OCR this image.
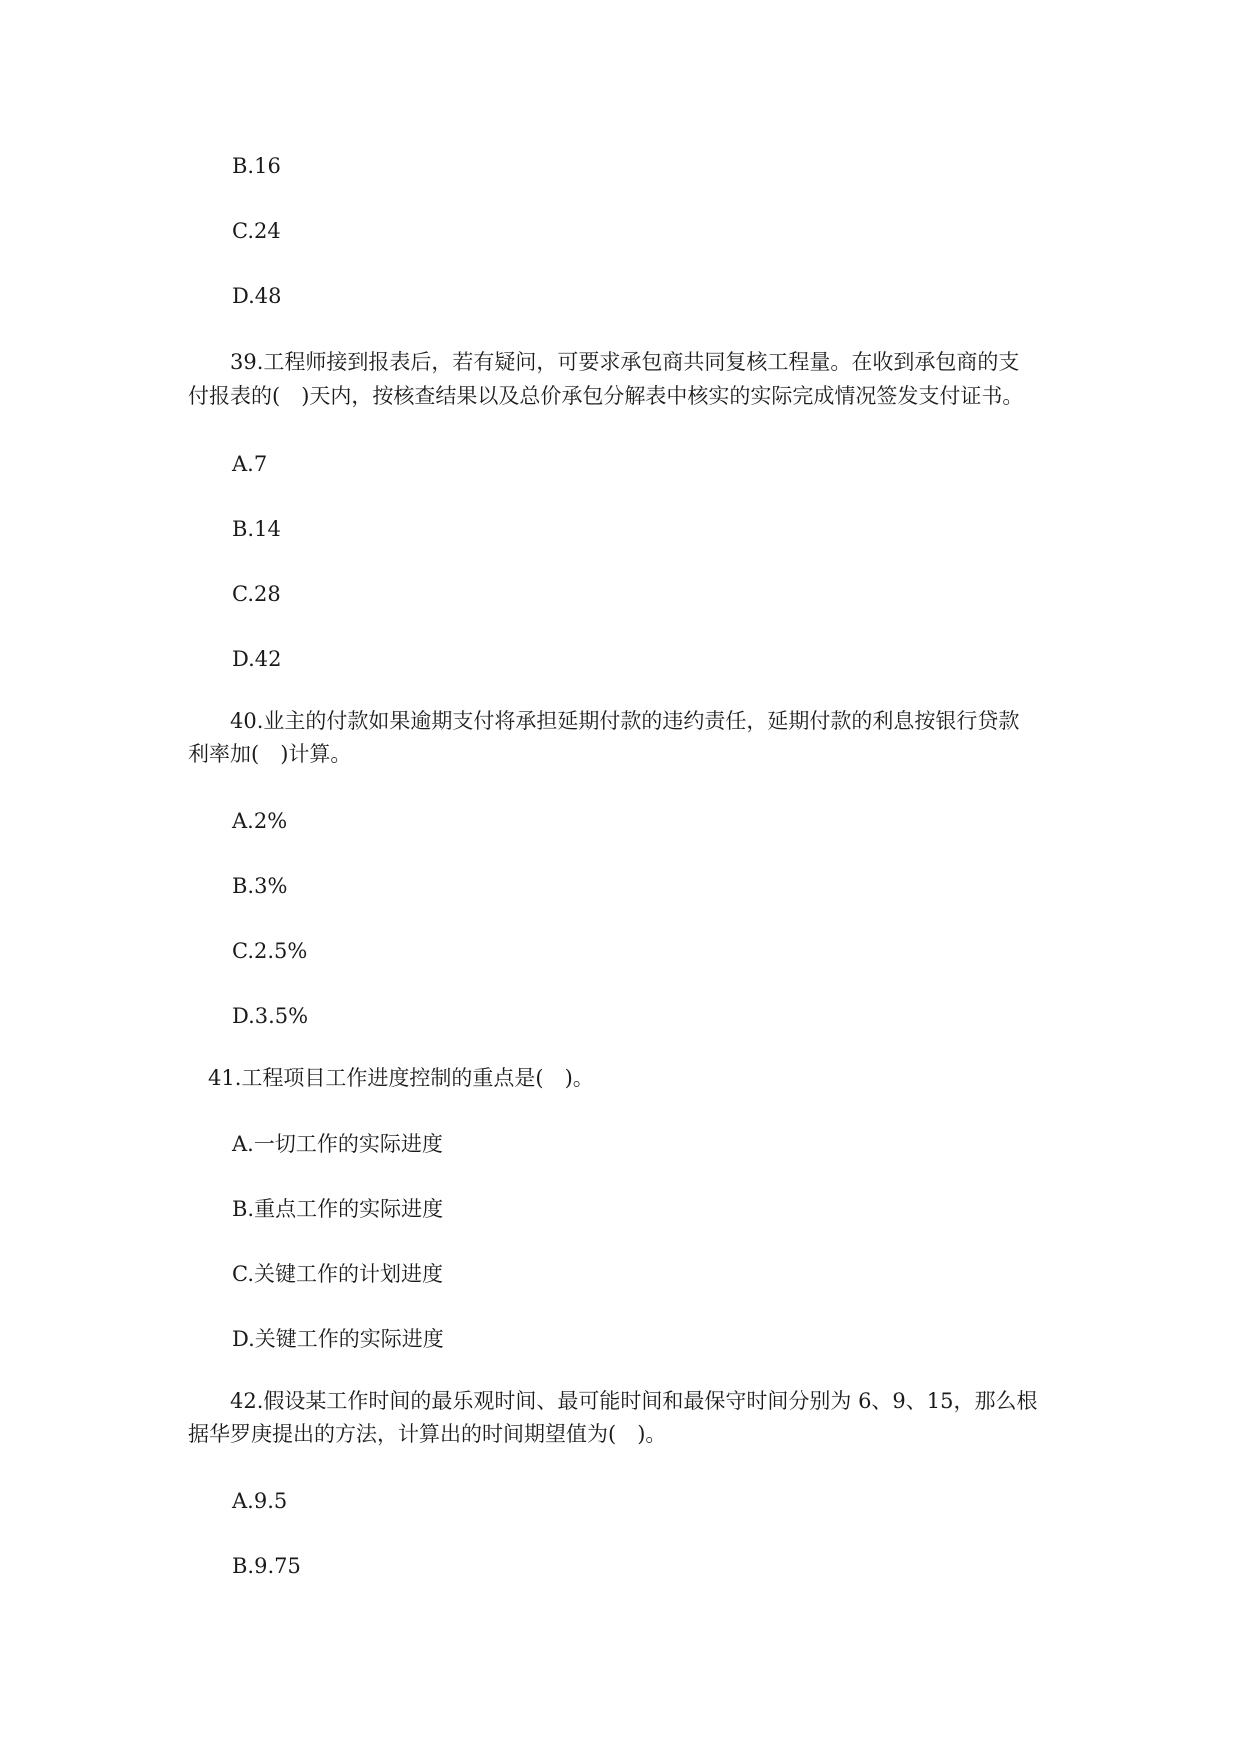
B.16
C.24
D.48
39.工程师接到报表后，若有疑问，可要求承包商共同复核工程量。在收到承包商的支
付报表的(　)天内，按核查结果以及总价承包分解表中核实的实际完成情况签发支付证书。
A.7
B.14
C.28
D.42
40.业主的付款如果逾期支付将承担延期付款的违约责任，延期付款的利息按银行贷款
利率加(　)计算。
A.2%
B.3%
C.2.5%
D.3.5%
41.工程项目工作进度控制的重点是(　)。
A.一切工作的实际进度
B.重点工作的实际进度
C.关键工作的计划进度
D.关键工作的实际进度
42.假设某工作时间的最乐观时间、最可能时间和最保守时间分别为 6、9、15，那么根
据华罗庚提出的方法，计算出的时间期望值为(　)。
A.9.5
B.9.75
